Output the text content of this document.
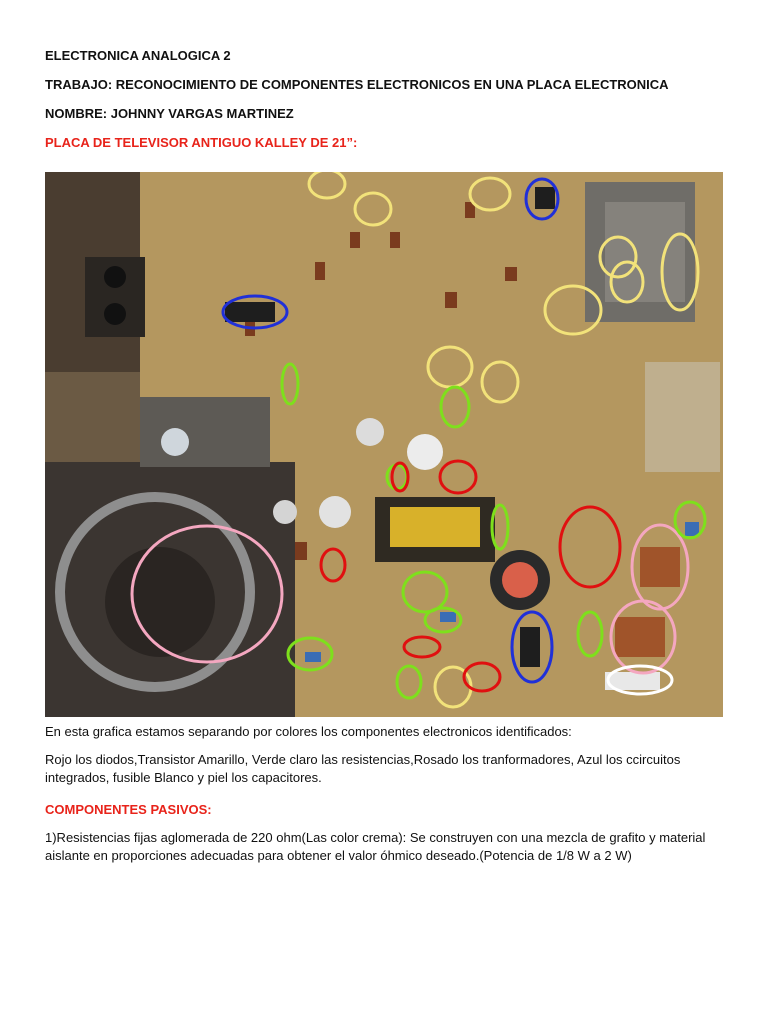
ELECTRONICA ANALOGICA 2

TRABAJO: RECONOCIMIENTO DE COMPONENTES ELECTRONICOS EN UNA PLACA ELECTRONICA

NOMBRE: JOHNNY VARGAS MARTINEZ

PLACA DE TELEVISOR ANTIGUO KALLEY DE 21”:

En esta grafica estamos separando por colores los componentes electronicos identificados:

Rojo los diodos,Transistor Amarillo, Verde claro las resistencias,Rosado los tranformadores, Azul los ccircuitos integrados, fusible Blanco y piel los capacitores.

COMPONENTES PASIVOS:

1)Resistencias fijas aglomerada de 220 ohm(Las color crema): Se construyen con una mezcla de grafito y material aislante en proporciones adecuadas para obtener el valor óhmico deseado.(Potencia de 1/8 W a 2 W)
